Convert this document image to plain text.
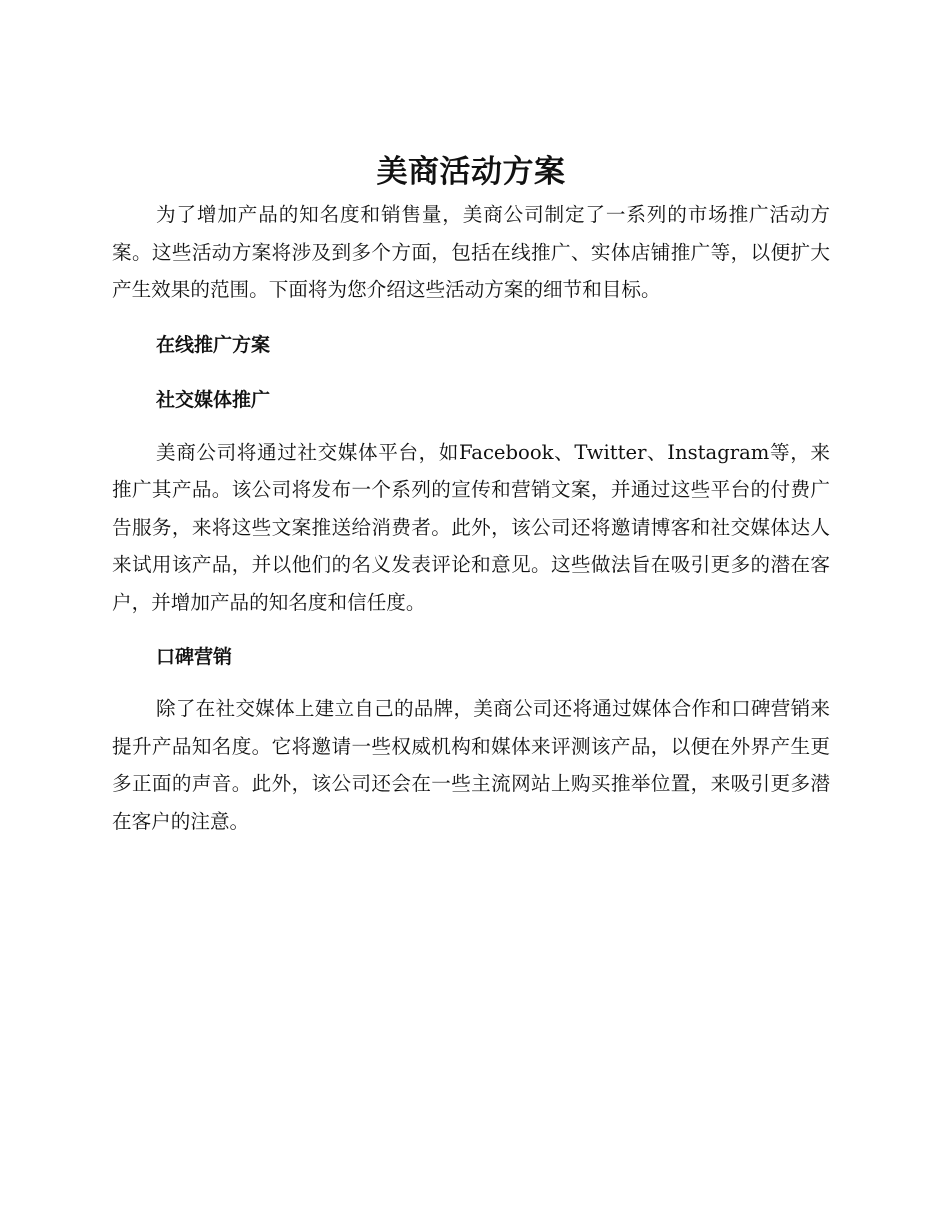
美商活动方案

为了增加产品的知名度和销售量，美商公司制定了一系列的市场推广活动方案。这些活动方案将涉及到多个方面，包括在线推广、实体店铺推广等，以便扩大产生效果的范围。下面将为您介绍这些活动方案的细节和目标。

在线推广方案
社交媒体推广

美商公司将通过社交媒体平台，如Facebook、Twitter、Instagram等，来推广其产品。该公司将发布一个系列的宣传和营销文案，并通过这些平台的付费广告服务，来将这些文案推送给消费者。此外，该公司还将邀请博客和社交媒体达人来试用该产品，并以他们的名义发表评论和意见。这些做法旨在吸引更多的潜在客户，并增加产品的知名度和信任度。

口碑营销

除了在社交媒体上建立自己的品牌，美商公司还将通过媒体合作和口碑营销来提升产品知名度。它将邀请一些权威机构和媒体来评测该产品，以便在外界产生更多正面的声音。此外，该公司还会在一些主流网站上购买推举位置，来吸引更多潜在客户的注意。
